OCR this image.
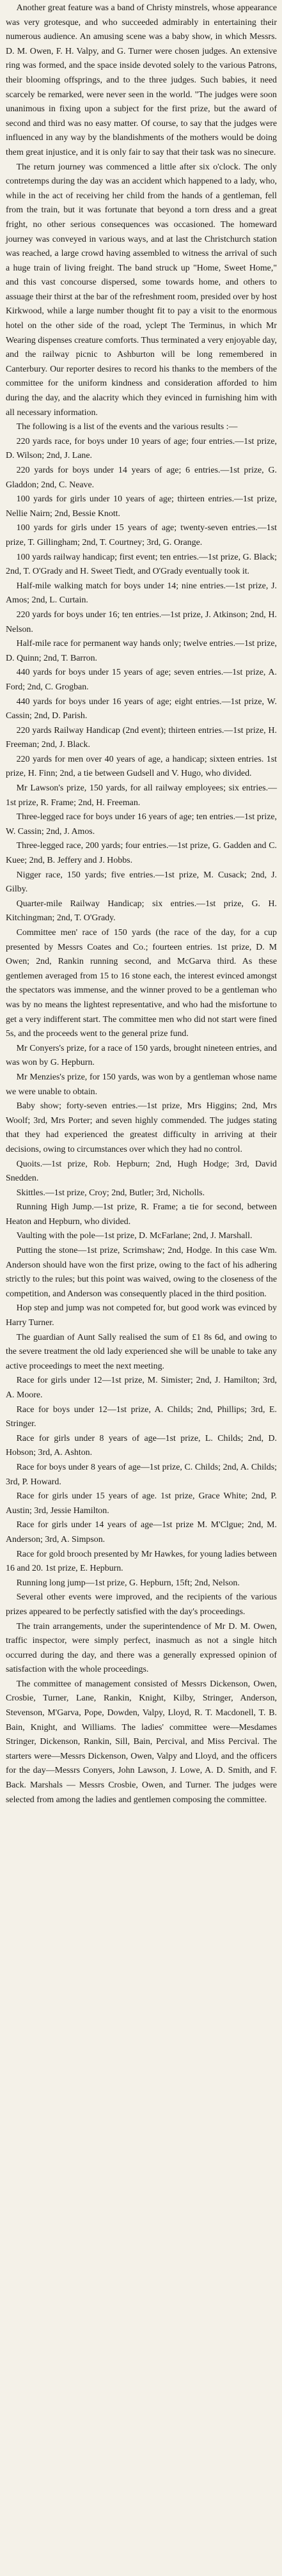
Another great feature was a band of Christy minstrels, whose appearance was very grotesque, and who succeeded admirably in entertaining their numerous audience. An amusing scene was a baby show, in which Messrs. D. M. Owen, F. H. Valpy, and G. Turner were chosen judges. An extensive ring was formed, and the space inside devoted solely to the various Patrons, their blooming offsprings, and to the three judges. Such babies, it need scarcely be remarked, were never seen in the world. "The judges were soon unanimous in fixing upon a subject for the first prize, but the award of second and third was no easy matter. Of course, to say that the judges were influenced in any way by the blandishments of the mothers would be doing them great injustice, and it is only fair to say that their task was no sinecure.

The return journey was commenced a little after six o'clock. The only contretemps during the day was an accident which happened to a lady, who, while in the act of receiving her child from the hands of a gentleman, fell from the train, but it was fortunate that beyond a torn dress and a great fright, no other serious consequences was occasioned. The homeward journey was conveyed in various ways, and at last the Christchurch station was reached, a large crowd having assembled to witness the arrival of such a huge train of living freight. The band struck up "Home, Sweet Home," and this vast concourse dispersed, some towards home, and others to assuage their thirst at the bar of the refreshment room, presided over by host Kirkwood, while a large number thought fit to pay a visit to the enormous hotel on the other side of the road, yclept The Terminus, in which Mr Wearing dispenses creature comforts. Thus terminated a very enjoyable day, and the railway picnic to Ashburton will be long remembered in Canterbury. Our reporter desires to record his thanks to the members of the committee for the uniform kindness and consideration afforded to him during the day, and the alacrity which they evinced in furnishing him with all necessary information.

The following is a list of the events and the various results :—

220 yards race, for boys under 10 years of age; four entries.—1st prize, D. Wilson; 2nd, J. Lane.

220 yards for boys under 14 years of age; 6 entries.—1st prize, G. Gladdon; 2nd, C. Neave.

100 yards for girls under 10 years of age; thirteen entries.—1st prize, Nellie Nairn; 2nd, Bessie Knott.

100 yards for girls under 15 years of age; twenty-seven entries.—1st prize, T. Gillingham; 2nd, T. Courtney; 3rd, G. Orange.

100 yards railway handicap; first event; ten entries.—1st prize, G. Black; 2nd, T. O'Grady and H. Sweet Tiedt, and O'Grady eventually took it.

Half-mile walking match for boys under 14; nine entries.—1st prize, J. Amos; 2nd, L. Curtain.

220 yards for boys under 16; ten entries.—1st prize, J. Atkinson; 2nd, H. Nelson.

Half-mile race for permanent way hands only; twelve entries.—1st prize, D. Quinn; 2nd, T. Barron.

440 yards for boys under 15 years of age; seven entries.—1st prize, A. Ford; 2nd, C. Grogban.

440 yards for boys under 16 years of age; eight entries.—1st prize, W. Cassin; 2nd, D. Parish.

220 yards Railway Handicap (2nd event); thirteen entries.—1st prize, H. Freeman; 2nd, J. Black.

220 yards for men over 40 years of age, a handicap; sixteen entries. 1st prize, H. Finn; 2nd, a tie between Gudsell and V. Hugo, who divided.

Mr Lawson's prize, 150 yards, for all railway employees; six entries.—1st prize, R. Frame; 2nd, H. Freeman.

Three-legged race for boys under 16 years of age; ten entries.—1st prize, W. Cassin; 2nd, J. Amos.

Three-legged race, 200 yards; four entries.—1st prize, G. Gadden and C. Kuee; 2nd, B. Jeffery and J. Hobbs.

Nigger race, 150 yards; five entries.—1st prize, M. Cusack; 2nd, J. Gilby.

Quarter-mile Railway Handicap; six entries.—1st prize, G. H. Kitchingman; 2nd, T. O'Grady.

Committee men' race of 150 yards (the race of the day, for a cup presented by Messrs Coates and Co.; fourteen entries. 1st prize, D. M Owen; 2nd, Rankin running second, and McGarva third. As these gentlemen averaged from 15 to 16 stone each, the interest evinced amongst the spectators was immense, and the winner proved to be a gentleman who was by no means the lightest representative, and who had the misfortune to get a very indifferent start. The committee men who did not start were fined 5s, and the proceeds went to the general prize fund.

Mr Conyers's prize, for a race of 150 yards, brought nineteen entries, and was won by G. Hepburn.

Mr Menzies's prize, for 150 yards, was won by a gentleman whose name we were unable to obtain.

Baby show; forty-seven entries.—1st prize, Mrs Higgins; 2nd, Mrs Woolf; 3rd, Mrs Porter; and seven highly commended. The judges stating that they had experienced the greatest difficulty in arriving at their decisions, owing to circumstances over which they had no control.

Quoits.—1st prize, Rob. Hepburn; 2nd, Hugh Hodge; 3rd, David Snedden.

Skittles.—1st prize, Croy; 2nd, Butler; 3rd, Nicholls.

Running High Jump.—1st prize, R. Frame; a tie for second, between Heaton and Hepburn, who divided.

Vaulting with the pole—1st prize, D. McFarlane; 2nd, J. Marshall.

Putting the stone—1st prize, Scrimshaw; 2nd, Hodge. In this case Wm. Anderson should have won the first prize, owing to the fact of his adhering strictly to the rules; but this point was waived, owing to the closeness of the competition, and Anderson was consequently placed in the third position.

Hop step and jump was not competed for, but good work was evinced by Harry Turner.

The guardian of Aunt Sally realised the sum of £1 8s 6d, and owing to the severe treatment the old lady experienced she will be unable to take any active proceedings to meet the next meeting.

Race for girls under 12—1st prize, M. Simister; 2nd, J. Hamilton; 3rd, A. Moore.

Race for boys under 12—1st prize, A. Childs; 2nd, Phillips; 3rd, E. Stringer.

Race for girls under 8 years of age—1st prize, L. Childs; 2nd, D. Hobson; 3rd, A. Ashton.

Race for boys under 8 years of age—1st prize, C. Childs; 2nd, A. Childs; 3rd, P. Howard.

Race for girls under 15 years of age. 1st prize, Grace White; 2nd, P. Austin; 3rd, Jessie Hamilton.

Race for girls under 14 years of age—1st prize M. M'Clgue; 2nd, M. Anderson; 3rd, A. Simpson.

Race for gold brooch presented by Mr Hawkes, for young ladies between 16 and 20. 1st prize, E. Hepburn.

Running long jump—1st prize, G. Hepburn, 15ft; 2nd, Nelson.

Several other events were improved, and the recipients of the various prizes appeared to be perfectly satisfied with the day's proceedings.

The train arrangements, under the superintendence of Mr D. M. Owen, traffic inspector, were simply perfect, inasmuch as not a single hitch occurred during the day, and there was a generally expressed opinion of satisfaction with the whole proceedings.

The committee of management consisted of Messrs Dickenson, Owen, Crosbie, Turner, Lane, Rankin, Knight, Kilby, Stringer, Anderson, Stevenson, M'Garva, Pope, Dowden, Valpy, Lloyd, R. T. Macdonell, T. B. Bain, Knight, and Williams. The ladies' committee were—Mesdames Stringer, Dickenson, Rankin, Sill, Bain, Percival, and Miss Percival. The starters were—Messrs Dickenson, Owen, Valpy and Lloyd, and the officers for the day—Messrs Conyers, John Lawson, J. Lowe, A. D. Smith, and F. Back. Marshals — Messrs Crosbie, Owen, and Turner. The judges were selected from among the ladies and gentlemen composing the committee.
